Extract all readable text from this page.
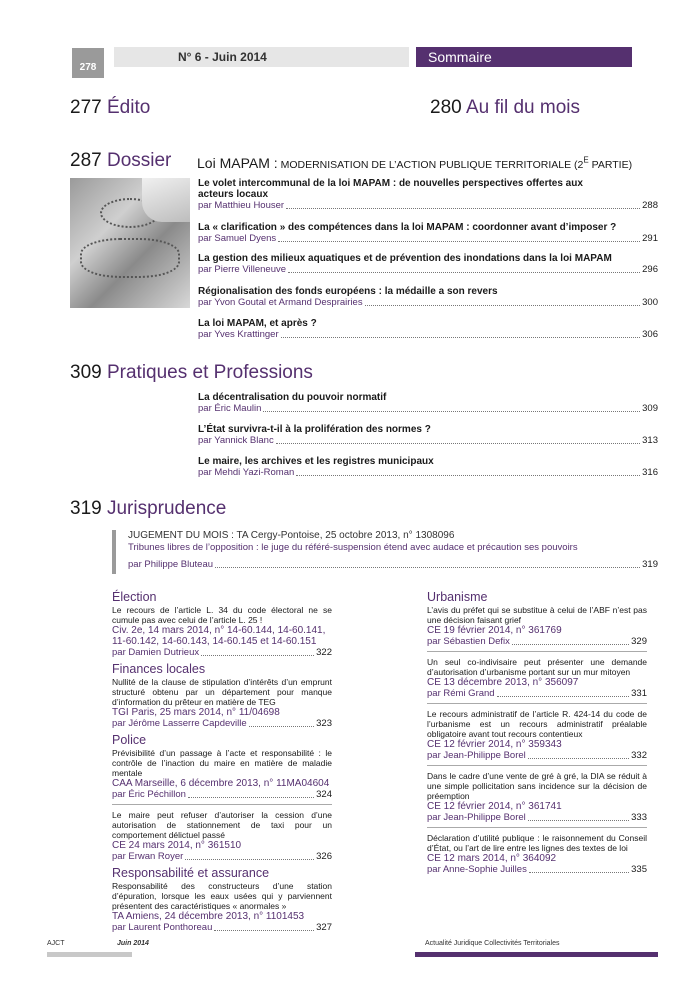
278
N° 6 - Juin 2014	Sommaire
277 Édito	280 Au fil du mois
287 Dossier Loi MAPAM : MODERNISATION DE L’ACTION PUBLIQUE TERRITORIALE ($2^E$ PARTIE)
Le volet intercommunal de la loi MAPAM : de nouvelles perspectives offertes aux acteurs locaux
par Matthieu Houser	288
La « clarification » des compétences dans la loi MAPAM : coordonner avant d’imposer ?
par Samuel Dyens	291
La gestion des milieux aquatiques et de prévention des inondations dans la loi MAPAM
par Pierre Villeneuve	296
Régionalisation des fonds européens : la médaille a son revers
par Yvon Goutal et Armand Desprairies	300
La loi MAPAM, et après ?
par Yves Krattinger	306
309 Pratiques et Professions
La décentralisation du pouvoir normatif
par Éric Maulin	309
L’État survivra-t-il à la prolifération des normes ?
par Yannick Blanc	313
Le maire, les archives et les registres municipaux
par Mehdi Yazi-Roman	316
319 Jurisprudence
JUGEMENT DU MOIS : TA Cergy-Pontoise, 25 octobre 2013, n° 1308096
Tribunes libres de l’opposition : le juge du référé-suspension étend avec audace et précaution ses pouvoirs
par Philippe Bluteau	319
Élection
Le recours de l’article L. 34 du code électoral ne se cumule pas avec celui de l’article L. 25 !
Civ. 2e, 14 mars 2014, n° 14-60.144, 14-60.141, 11-60.142, 14-60.143, 14-60.145 et 14-60.151
par Damien Dutrieux	322
Finances locales
Nullité de la clause de stipulation d’intérêts d’un emprunt structuré obtenu par un département pour manque d’information du prêteur en matière de TEG
TGI Paris, 25 mars 2014, n° 11/04698
par Jérôme Lasserre Capdeville	323
Police
Prévisibilité d’un passage à l’acte et responsabilité : le contrôle de l’inaction du maire en matière de maladie mentale
CAA Marseille, 6 décembre 2013, n° 11MA04604
par Éric Péchillon	324
Le maire peut refuser d’autoriser la cession d’une autorisation de stationnement de taxi pour un comportement délictuel passé
CE 24 mars 2014, n° 361510
par Erwan Royer	326
Responsabilité et assurance
Responsabilité des constructeurs d’une station d’épuration, lorsque les eaux usées qui y parviennent présentent des caractéristiques « anormales »
TA Amiens, 24 décembre 2013, n° 1101453
par Laurent Ponthoreau	327
Urbanisme
L’avis du préfet qui se substitue à celui de l’ABF n’est pas une décision faisant grief
CE 19 février 2014, n° 361769
par Sébastien Defix	329
Un seul co-indivisaire peut présenter une demande d’autorisation d’urbanisme portant sur un mur mitoyen
CE 13 décembre 2013, n° 356097
par Rémi Grand	331
Le recours administratif de l’article R. 424-14 du code de l’urbanisme est un recours administratif préalable obligatoire avant tout recours contentieux
CE 12 février 2014, n° 359343
par Jean-Philippe Borel	332
Dans le cadre d’une vente de gré à gré, la DIA se réduit à une simple pollicitation sans incidence sur la décision de préemption
CE 12 février 2014, n° 361741
par Jean-Philippe Borel	333
Déclaration d’utilité publique : le raisonnement du Conseil d’État, ou l’art de lire entre les lignes des textes de loi
CE 12 mars 2014, n° 364092
par Anne-Sophie Juilles	335
AJCT	Juin 2014	Actualité Juridique Collectivités Territoriales
